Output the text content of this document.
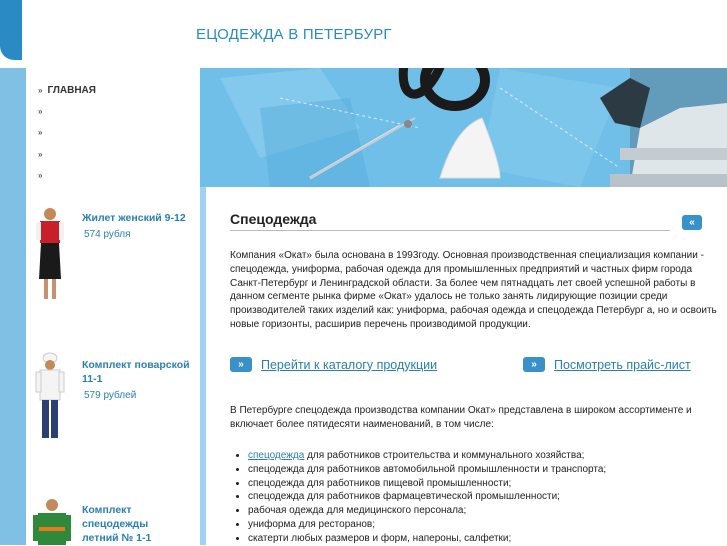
ЕЦОДЕЖДА В ПЕТЕРБУРГ
» ГЛАВНАЯ
»
»
»
»
Жилет женский 9-12
574 рубля
Комплект поварской 11-1
579 рублей
Комплект спецодежды летний № 1-1
Спецодежда	«
Компания «Окат» была основана в 1993году. Основная производственная специализация компании - спецодежда, униформа, рабочая одежда для промышленных предприятий и частных фирм города Санкт-Петербург и Ленинградской области. За более чем пятнадцать лет своей успешной работы в данном сегменте рынка фирме «Окат» удалось не только занять лидирующие позиции среди производителей таких изделий как: униформа, рабочая одежда и спецодежда Петербург а, но и освоить новые горизонты, расширив перечень производимой продукции.
»	Перейти к каталогу продукции	»	Посмотреть прайс-лист
В Петербурге спецодежда производства компании Окат» представлена в широком ассортименте и включает более пятидесяти наименований, в том числе:
• спецодежда для работников строительства и коммунального хозяйства;
• спецодежда для работников автомобильной промышленности и транспорта;
• спецодежда для работников пищевой промышленности;
• спецодежда для работников фармацевтической промышленности;
• рабочая одежда для медицинского персонала;
• униформа для ресторанов;
• скатерти любых размеров и форм, напероны, салфетки;
